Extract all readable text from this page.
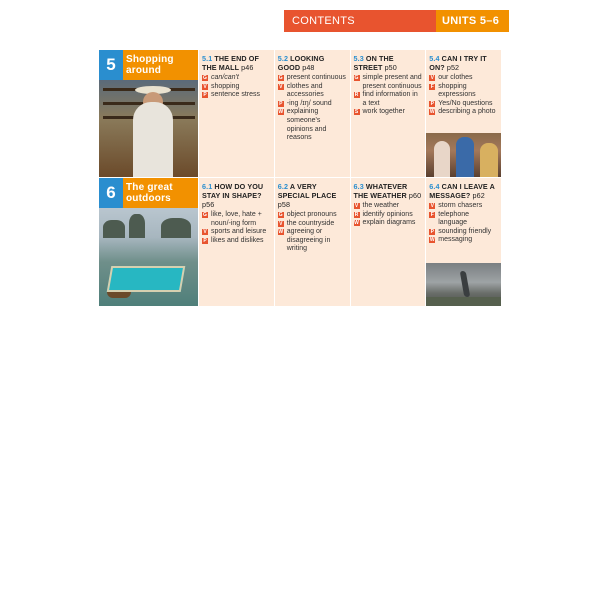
CONTENTS	UNITS 5–6
5	Shopping around
5.1 THE END OF THE MALL p46
G can/can't
V shopping
P sentence stress
5.2 LOOKING GOOD p48
G present continuous
V clothes and accessories
P -ing /ɪŋ/ sound
W explaining someone's opinions and reasons
5.3 ON THE STREET p50
G simple present and present continuous
R find information in a text
S work together
5.4 CAN I TRY IT ON? p52
V our clothes
F shopping expressions
P Yes/No questions
W describing a photo
6	The great outdoors
6.1 HOW DO YOU STAY IN SHAPE? p56
G like, love, hate + noun/-ing form
V sports and leisure
P likes and dislikes
6.2 A VERY SPECIAL PLACE p58
G object pronouns
V the countryside
W agreeing or disagreeing in writing
6.3 WHATEVER THE WEATHER p60
V the weather
R identify opinions
W explain diagrams
6.4 CAN I LEAVE A MESSAGE? p62
V storm chasers
F telephone language
P sounding friendly
W messaging
